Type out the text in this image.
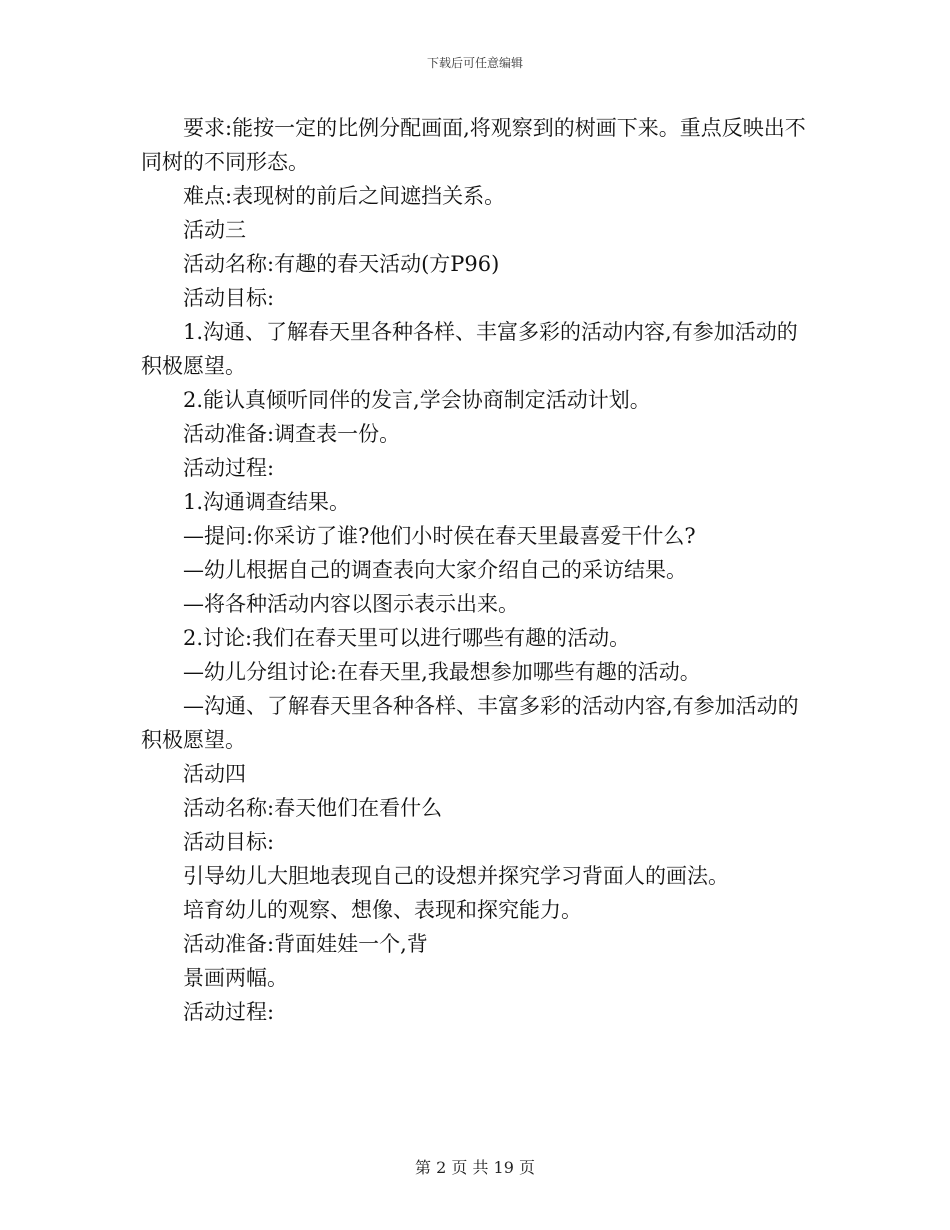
下载后可任意编辑

要求:能按一定的比例分配画面,将观察到的树画下来。重点反映出不同树的不同形态。

难点:表现树的前后之间遮挡关系。

活动三

活动名称:有趣的春天活动(方P96)

活动目标:

1.沟通、了解春天里各种各样、丰富多彩的活动内容,有参加活动的积极愿望。

2.能认真倾听同伴的发言,学会协商制定活动计划。

活动准备:调查表一份。

活动过程:

1.沟通调查结果。

—提问:你采访了谁?他们小时侯在春天里最喜爱干什么?

—幼儿根据自己的调查表向大家介绍自己的采访结果。

—将各种活动内容以图示表示出来。

2.讨论:我们在春天里可以进行哪些有趣的活动。

—幼儿分组讨论:在春天里,我最想参加哪些有趣的活动。

—沟通、了解春天里各种各样、丰富多彩的活动内容,有参加活动的积极愿望。

活动四

活动名称:春天他们在看什么

活动目标:

引导幼儿大胆地表现自己的设想并探究学习背面人的画法。

培育幼儿的观察、想像、表现和探究能力。

活动准备:背面娃娃一个,背

景画两幅。

活动过程:

第 2 页 共 19 页
